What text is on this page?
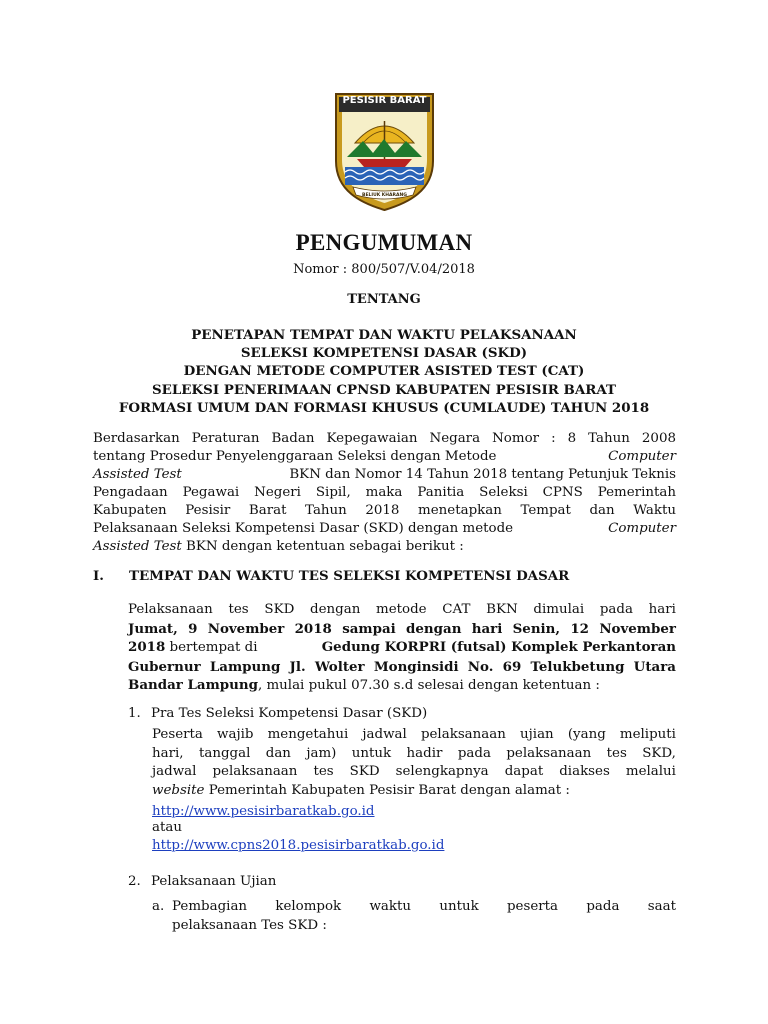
PESISIR BARAT
BELIUK KHARANG
PENGUMUMAN
Nomor : 800/507/V.04/2018
TENTANG
PENETAPAN TEMPAT DAN WAKTU PELAKSANAAN
SELEKSI KOMPETENSI DASAR (SKD)
DENGAN METODE COMPUTER ASISTED TEST (CAT)
SELEKSI PENERIMAAN CPNSD KABUPATEN PESISIR BARAT
FORMASI UMUM DAN FORMASI KHUSUS (CUMLAUDE) TAHUN 2018
Berdasarkan Peraturan Badan Kepegawaian Negara Nomor : 8 Tahun 2008
tentang Prosedur Penyelenggaraan Seleksi dengan Metode	Computer
Assisted Test	BKN dan Nomor 14 Tahun 2018 tentang Petunjuk Teknis
Pengadaan Pegawai Negeri Sipil, maka Panitia Seleksi CPNS Pemerintah
Kabupaten Pesisir Barat Tahun 2018 menetapkan Tempat dan Waktu
Pelaksanaan Seleksi Kompetensi Dasar (SKD) dengan metode	Computer
Assisted Test BKN dengan ketentuan sebagai berikut :
I. TEMPAT DAN WAKTU TES SELEKSI KOMPETENSI DASAR
Pelaksanaan tes SKD dengan metode CAT BKN dimulai pada hari
Jumat, 9 November 2018 sampai dengan hari Senin, 12 November
2018 bertempat di	Gedung KORPRI (futsal) Komplek Perkantoran
Gubernur Lampung Jl. Wolter Monginsidi No. 69 Telukbetung Utara
Bandar Lampung, mulai pukul 07.30 s.d selesai dengan ketentuan :
1. Pra Tes Seleksi Kompetensi Dasar (SKD)
Peserta wajib mengetahui jadwal pelaksanaan ujian (yang meliputi
hari, tanggal dan jam) untuk hadir pada pelaksanaan tes SKD,
jadwal pelaksanaan tes SKD selengkapnya dapat diakses melalui
website Pemerintah Kabupaten Pesisir Barat dengan alamat :
http://www.pesisirbaratkab.go.id
atau
http://www.cpns2018.pesisirbaratkab.go.id
2. Pelaksanaan Ujian
a. Pembagian kelompok waktu untuk peserta pada saat
pelaksanaan Tes SKD :
